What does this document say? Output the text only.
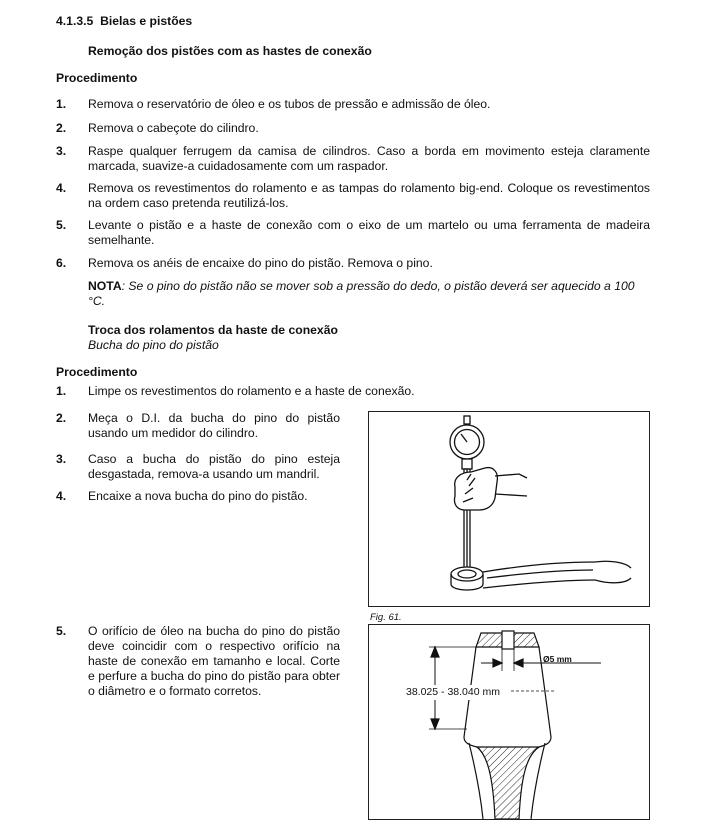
4.1.3.5 Bielas e pistões
Remoção dos pistões com as hastes de conexão
Procedimento
1. Remova o reservatório de óleo e os tubos de pressão e admissão de óleo.
2. Remova o cabeçote do cilindro.
3. Raspe qualquer ferrugem da camisa de cilindros. Caso a borda em movimento esteja claramente marcada, suavize-a cuidadosamente com um raspador.
4. Remova os revestimentos do rolamento e as tampas do rolamento big-end. Coloque os revestimentos na ordem caso pretenda reutilizá-los.
5. Levante o pistão e a haste de conexão com o eixo de um martelo ou uma ferramenta de madeira semelhante.
6. Remova os anéis de encaixe do pino do pistão. Remova o pino.
NOTA: Se o pino do pistão não se mover sob a pressão do dedo, o pistão deverá ser aquecido a 100 °C.
Troca dos rolamentos da haste de conexão
Bucha do pino do pistão
Procedimento
1. Limpe os revestimentos do rolamento e a haste de conexão.
2. Meça o D.I. da bucha do pino do pistão usando um medidor do cilindro.
3. Caso a bucha do pistão do pino esteja desgastada, remova-a usando um mandril.
4. Encaixe a nova bucha do pino do pistão.
5. O orifício de óleo na bucha do pino do pistão deve coincidir com o respectivo orifício na haste de conexão em tamanho e local. Corte e perfure a bucha do pino do pistão para obter o diâmetro e o formato corretos.
Fig. 61.
Ø5 mm
38.025 - 38.040 mm
